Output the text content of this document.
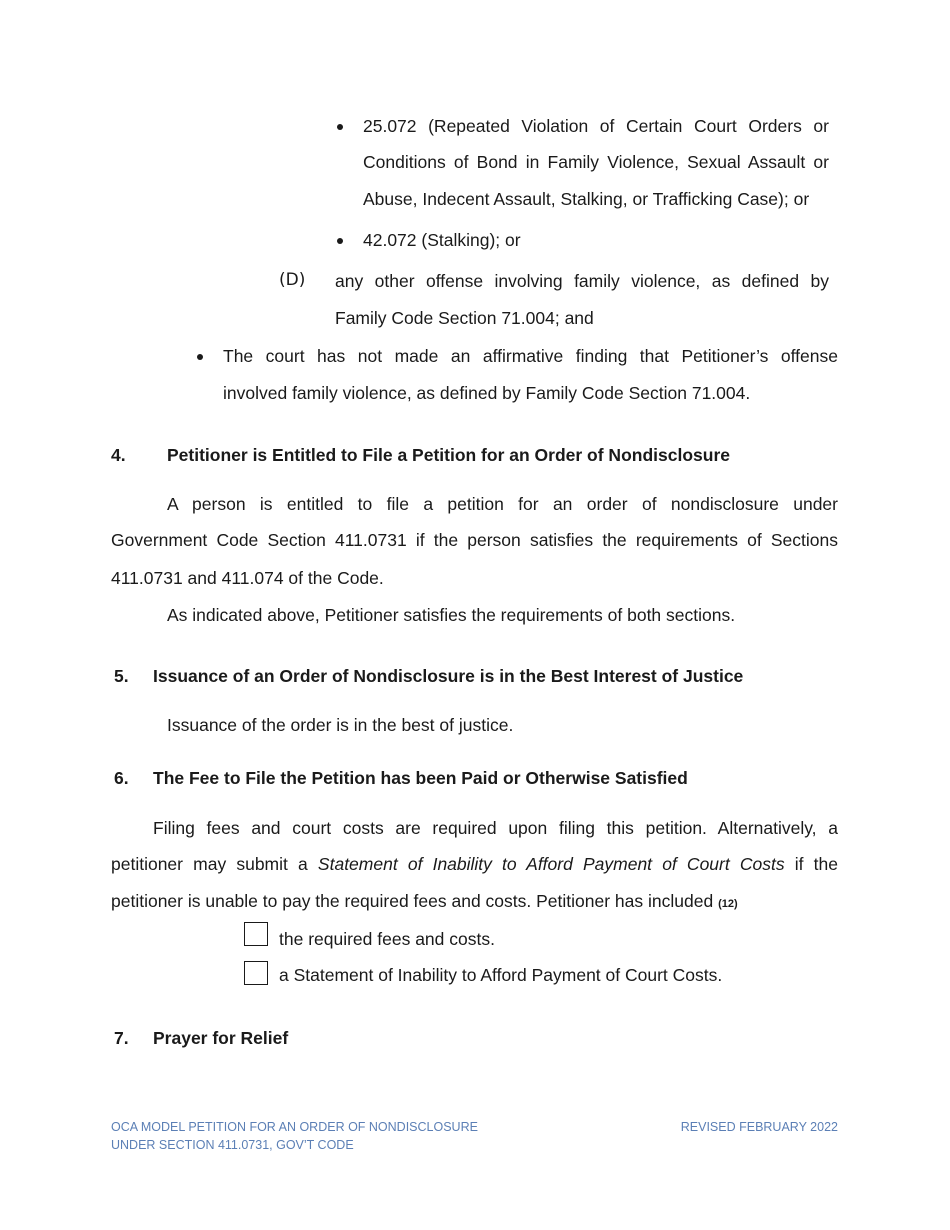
25.072 (Repeated Violation of Certain Court Orders or
Conditions of Bond in Family Violence, Sexual Assault or
Abuse, Indecent Assault, Stalking, or Trafficking Case); or
42.072 (Stalking); or
(D) any other offense involving family violence, as defined by
Family Code Section 71.004; and
The court has not made an affirmative finding that Petitioner’s offense
involved family violence, as defined by Family Code Section 71.004.
4. Petitioner is Entitled to File a Petition for an Order of Nondisclosure
A person is entitled to file a petition for an order of nondisclosure under
Government Code Section 411.0731 if the person satisfies the requirements of Sections
411.0731 and 411.074 of the Code.
As indicated above, Petitioner satisfies the requirements of both sections.
5. Issuance of an Order of Nondisclosure is in the Best Interest of Justice
Issuance of the order is in the best of justice.
6. The Fee to File the Petition has been Paid or Otherwise Satisfied
Filing fees and court costs are required upon filing this petition. Alternatively, a
petitioner may submit a Statement of Inability to Afford Payment of Court Costs if the
petitioner is unable to pay the required fees and costs. Petitioner has included (12)
the required fees and costs.
a Statement of Inability to Afford Payment of Court Costs.
7. Prayer for Relief
OCA MODEL PETITION FOR AN ORDER OF NONDISCLOSURE
UNDER SECTION 411.0731, GOV’T CODE
REVISED FEBRUARY 2022
